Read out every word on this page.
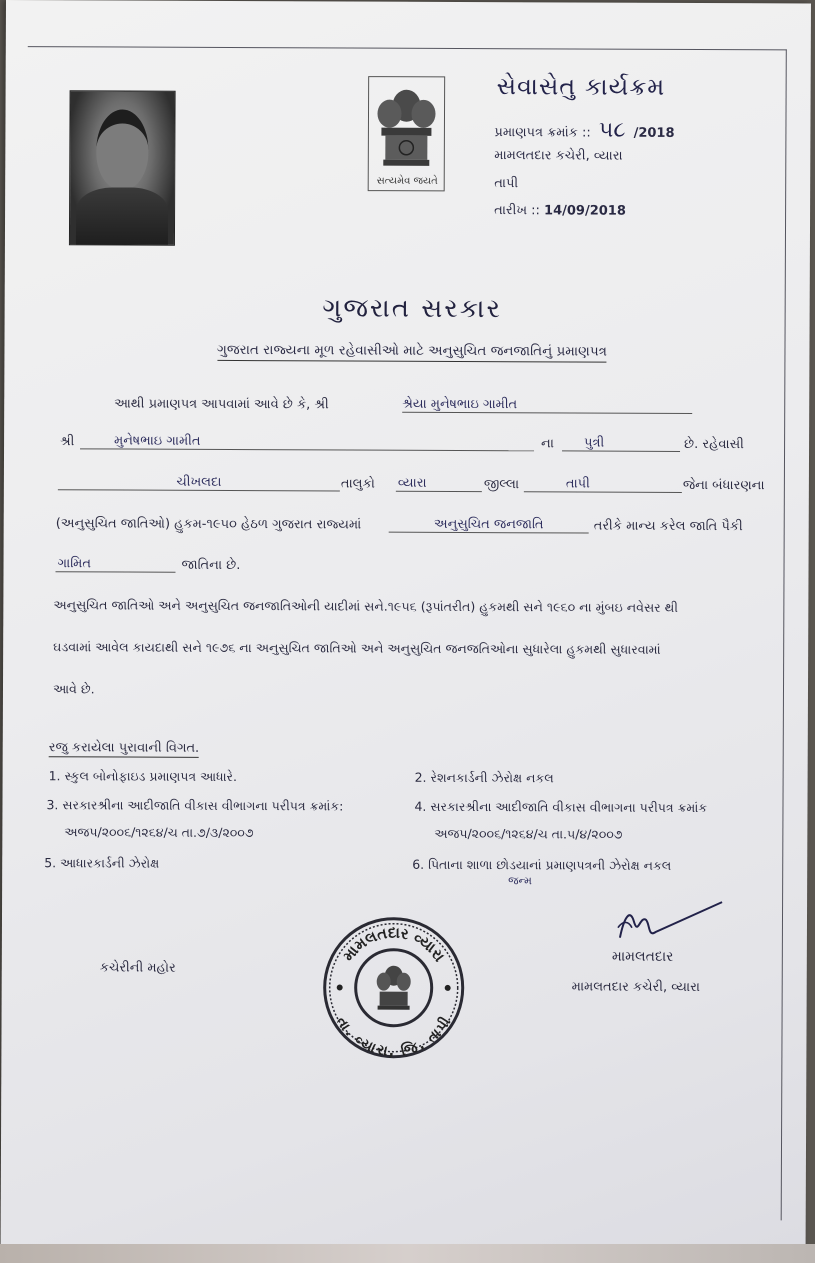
સત્યમેવ જયતે
સેવાસેતુ કાર્યક્રમ
પ્રમાણપત્ર ક્રમાંક :: ૫૮ /2018
મામલતદાર કચેરી, વ્યારા
તાપી
તારીખ :: 14/09/2018
ગુજરાત સરકાર
ગુજરાત રાજ્યના મૂળ રહેવાસીઓ માટે અનુસુચિત જનજાતિનું પ્રમાણપત્ર
આથી પ્રમાણપત્ર આપવામાં આવે છે કે, શ્રી	શ્રેયા મુનેષભાઇ ગામીત
શ્રી	મુનેષભાઇ ગામીત	ના	પુત્રી	છે. રહેવાસી
ચીખલદા	તાલુકો વ્યારા	જીલ્લા	તાપી	જેના બંધારણના
(અનુસુચિત જાતિઓ) હુકમ-૧૯૫૦ હેઠળ ગુજરાત રાજ્યમાં	અનુસુચિત જનજાતિ	તરીકે માન્ય કરેલ જાતિ પૈકી
ગામિત	જાતિના છે.
અનુસુચિત જાતિઓ અને અનુસુચિત જનજાતિઓની યાદીમાં સને.૧૯૫૬ (રૂપાંતરીત) હુકમથી સને ૧૯૬૦ ના મુંબઇ નવેસર થી
ઘડવામાં આવેલ કાયદાથી સને ૧૯૭૬ ના અનુસુચિત જાતિઓ અને અનુસુચિત જનજતિઓના સુધારેલા હુકમથી સુધારવામાં
આવે છે.
રજુ કરાયેલા પુરાવાની વિગત.
1. સ્કુલ બોનોફાઇડ પ્રમાણપત્ર આધારે.	2. રેશનકાર્ડની ઝેરોક્ષ નકલ
3. સરકારશ્રીના આદીજાતિ વીકાસ વીભાગના પરીપત્ર ક્રમાંક:	4. સરકારશ્રીના આદીજાતિ વીકાસ વીભાગના પરીપત્ર ક્રમાંક
અજપ/૨૦૦૬/૧૨૬૪/ચ તા.૭/૩/૨૦૦૭	અજપ/૨૦૦૬/૧૨૬૪/ચ તા.૫/૪/૨૦૦૭
5. આધારકાર્ડની ઝેરોક્ષ	6. પિતાના શાળા છોડયાનાં પ્રમાણપત્રની ઝેરોક્ષ નકલ
જન્મ
કચેરીની મહોર
મામલતદાર વ્યારા
તા. વ્યારા, જિ. તાપી
મામલતદાર
મામલતદાર કચેરી, વ્યારા
